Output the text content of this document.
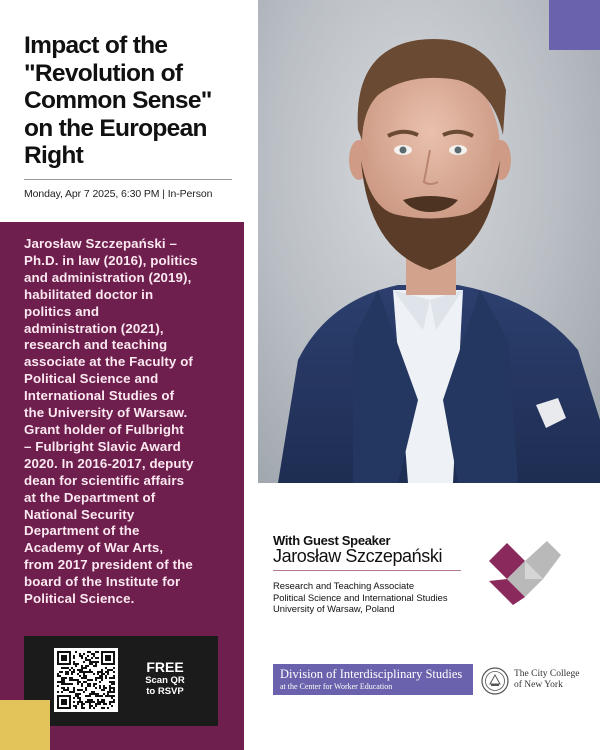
Impact of the
"Revolution of
Common Sense"
on the European
Right
Monday, Apr 7 2025, 6:30 PM | In-Person
Jarosław Szczepański –
Ph.D. in law (2016), politics
and administration (2019),
habilitated doctor in
politics and
administration (2021),
research and teaching
associate at the Faculty of
Political Science and
International Studies of
the University of Warsaw.
Grant holder of Fulbright
– Fulbright Slavic Award
2020. In 2016-2017, deputy
dean for scientific affairs
at the Department of
National Security
Department of the
Academy of War Arts,
from 2017 president of the
board of the Institute for
Political Science.
FREE
Scan QR
to RSVP
With Guest Speaker
Jarosław Szczepański
Research and Teaching Associate
Political Science and International Studies
University of Warsaw, Poland
Division of Interdisciplinary Studies
at the Center for Worker Education
The City College
of New York
